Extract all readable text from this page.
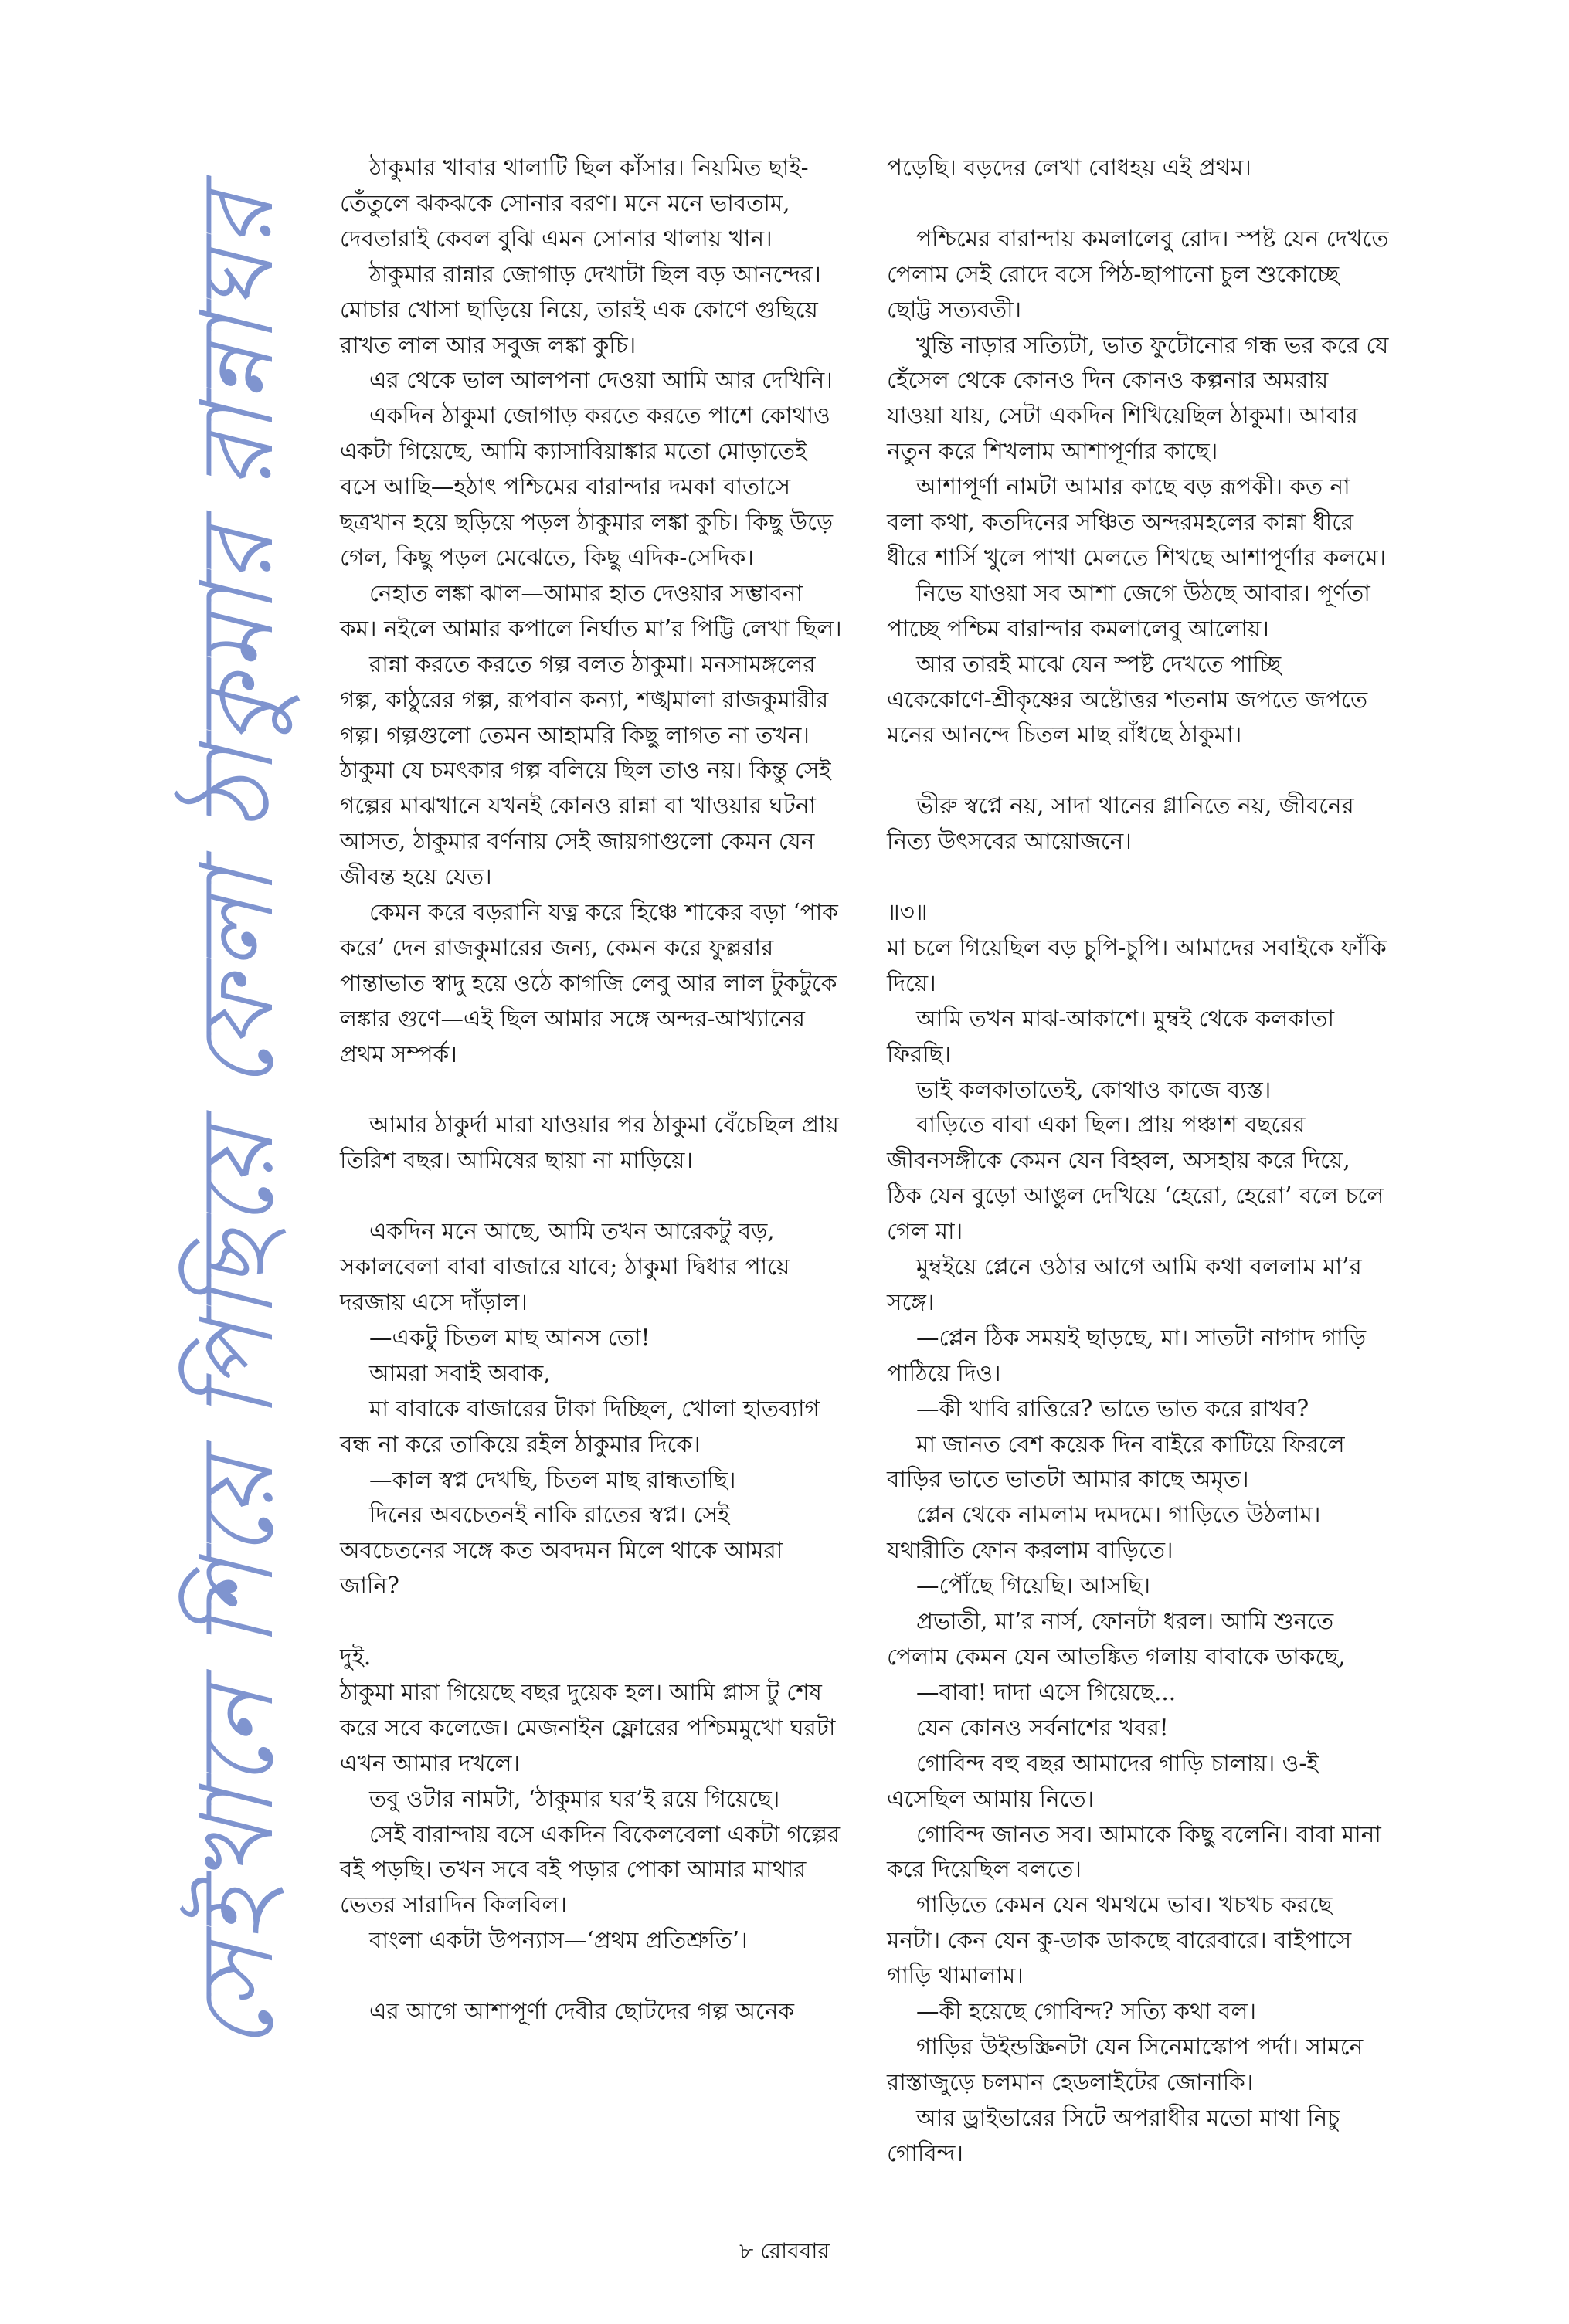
সেইখানে শিয়ে পিছিয়ে ফেলা ঠাকুমার রান্নাঘর

ঠাকুমার খাবার থালাটি ছিল কাঁসার। নিয়মিত ছাই-তেঁতুলে ঝকঝকে সোনার বরণ। মনে মনে ভাবতাম, দেবতারাই কেবল বুঝি এমন সোনার থালায় খান।

ঠাকুমার রান্নার জোগাড় দেখাটা ছিল বড় আনন্দের। মোচার খোসা ছাড়িয়ে নিয়ে, তারই এক কোণে গুছিয়ে রাখত লাল আর সবুজ লঙ্কা কুচি।

এর থেকে ভাল আলপনা দেওয়া আমি আর দেখিনি।

একদিন ঠাকুমা জোগাড় করতে করতে পাশে কোথাও একটা গিয়েছে, আমি ক্যাসাবিয়াঙ্কার মতো মোড়াতেই বসে আছি—হঠাৎ পশ্চিমের বারান্দার দমকা বাতাসে ছত্রখান হয়ে ছড়িয়ে পড়ল ঠাকুমার লঙ্কা কুচি। কিছু উড়ে গেল, কিছু পড়ল মেঝেতে, কিছু এদিক-সেদিক।

নেহাত লঙ্কা ঝাল—আমার হাত দেওয়ার সম্ভাবনা কম। নইলে আমার কপালে নির্ঘাত মা’র পিট্টি লেখা ছিল।

রান্না করতে করতে গল্প বলত ঠাকুমা। মনসামঙ্গলের গল্প, কাঠুরের গল্প, রূপবান কন্যা, শঙ্খমালা রাজকুমারীর গল্প। গল্পগুলো তেমন আহামরি কিছু লাগত না তখন। ঠাকুমা যে চমৎকার গল্প বলিয়ে ছিল তাও নয়। কিন্তু সেই গল্পের মাঝখানে যখনই কোনও রান্না বা খাওয়ার ঘটনা আসত, ঠাকুমার বর্ণনায় সেই জায়গাগুলো কেমন যেন জীবন্ত হয়ে যেত।

কেমন করে বড়রানি যত্ন করে হিঞ্চে শাকের বড়া ‘পাক করে’ দেন রাজকুমারের জন্য, কেমন করে ফুল্লরার পান্তাভাত স্বাদু হয়ে ওঠে কাগজি লেবু আর লাল টুকটুকে লঙ্কার গুণে—এই ছিল আমার সঙ্গে অন্দর-আখ্যানের প্রথম সম্পর্ক।

আমার ঠাকুর্দা মারা যাওয়ার পর ঠাকুমা বেঁচেছিল প্রায় তিরিশ বছর। আমিষের ছায়া না মাড়িয়ে।

একদিন মনে আছে, আমি তখন আরেকটু বড়, সকালবেলা বাবা বাজারে যাবে; ঠাকুমা দ্বিধার পায়ে দরজায় এসে দাঁড়াল।

—একটু চিতল মাছ আনস তো!

আমরা সবাই অবাক,

মা বাবাকে বাজারের টাকা দিচ্ছিল, খোলা হাতব্যাগ বন্ধ না করে তাকিয়ে রইল ঠাকুমার দিকে।

—কাল স্বপ্ন দেখছি, চিতল মাছ রান্ধতাছি।

দিনের অবচেতনই নাকি রাতের স্বপ্ন। সেই অবচেতনের সঙ্গে কত অবদমন মিলে থাকে আমরা জানি?

দুই.

ঠাকুমা মারা গিয়েছে বছর দুয়েক হল। আমি প্লাস টু শেষ করে সবে কলেজে। মেজনাইন ফ্লোরের পশ্চিমমুখো ঘরটা এখন আমার দখলে।

তবু ওটার নামটা, ‘ঠাকুমার ঘর’ই রয়ে গিয়েছে।

সেই বারান্দায় বসে একদিন বিকেলবেলা একটা গল্পের বই পড়ছি। তখন সবে বই পড়ার পোকা আমার মাথার ভেতর সারাদিন কিলবিল।

বাংলা একটা উপন্যাস—‘প্রথম প্রতিশ্রুতি’।

এর আগে আশাপূর্ণা দেবীর ছোটদের গল্প অনেক

পড়েছি। বড়দের লেখা বোধহয় এই প্রথম।

পশ্চিমের বারান্দায় কমলালেবু রোদ। স্পষ্ট যেন দেখতে পেলাম সেই রোদে বসে পিঠ-ছাপানো চুল শুকোচ্ছে ছোট্ট সত্যবতী।

খুন্তি নাড়ার সত্যিটা, ভাত ফুটোনোর গন্ধ ভর করে যে হেঁসেল থেকে কোনও দিন কোনও কল্পনার অমরায় যাওয়া যায়, সেটা একদিন শিখিয়েছিল ঠাকুমা। আবার নতুন করে শিখলাম আশাপূর্ণার কাছে।

আশাপূর্ণা নামটা আমার কাছে বড় রূপকী। কত না বলা কথা, কতদিনের সঞ্চিত অন্দরমহলের কান্না ধীরে ধীরে শার্সি খুলে পাখা মেলতে শিখছে আশাপূর্ণার কলমে।

নিভে যাওয়া সব আশা জেগে উঠছে আবার। পূর্ণতা পাচ্ছে পশ্চিম বারান্দার কমলালেবু আলোয়।

আর তারই মাঝে যেন স্পষ্ট দেখতে পাচ্ছি একেকোণে-শ্রীকৃষ্ণের অষ্টোত্তর শতনাম জপতে জপতে মনের আনন্দে চিতল মাছ রাঁধছে ঠাকুমা।

ভীরু স্বপ্নে নয়, সাদা থানের গ্লানিতে নয়, জীবনের নিত্য উৎসবের আয়োজনে।

॥৩॥

মা চলে গিয়েছিল বড় চুপি-চুপি। আমাদের সবাইকে ফাঁকি দিয়ে।

আমি তখন মাঝ-আকাশে। মুম্বই থেকে কলকাতা ফিরছি।

ভাই কলকাতাতেই, কোথাও কাজে ব্যস্ত।

বাড়িতে বাবা একা ছিল। প্রায় পঞ্চাশ বছরের জীবনসঙ্গীকে কেমন যেন বিহ্বল, অসহায় করে দিয়ে, ঠিক যেন বুড়ো আঙুল দেখিয়ে ‘হেরো, হেরো’ বলে চলে গেল মা।

মুম্বইয়ে প্লেনে ওঠার আগে আমি কথা বললাম মা’র সঙ্গে।

—প্লেন ঠিক সময়ই ছাড়ছে, মা। সাতটা নাগাদ গাড়ি পাঠিয়ে দিও।

—কী খাবি রাত্তিরে? ভাতে ভাত করে রাখব?

মা জানত বেশ কয়েক দিন বাইরে কাটিয়ে ফিরলে বাড়ির ভাতে ভাতটা আমার কাছে অমৃত।

প্লেন থেকে নামলাম দমদমে। গাড়িতে উঠলাম। যথারীতি ফোন করলাম বাড়িতে।

—পৌঁছে গিয়েছি। আসছি।

প্রভাতী, মা’র নার্স, ফোনটা ধরল। আমি শুনতে পেলাম কেমন যেন আতঙ্কিত গলায় বাবাকে ডাকছে,

—বাবা! দাদা এসে গিয়েছে...

যেন কোনও সর্বনাশের খবর!

গোবিন্দ বহু বছর আমাদের গাড়ি চালায়। ও-ই এসেছিল আমায় নিতে।

গোবিন্দ জানত সব। আমাকে কিছু বলেনি। বাবা মানা করে দিয়েছিল বলতে।

গাড়িতে কেমন যেন থমথমে ভাব। খচখচ করছে মনটা। কেন যেন কু-ডাক ডাকছে বারেবারে। বাইপাসে গাড়ি থামালাম।

—কী হয়েছে গোবিন্দ? সত্যি কথা বল।

গাড়ির উইন্ডস্ক্রিনটা যেন সিনেমাস্কোপ পর্দা। সামনে রাস্তাজুড়ে চলমান হেডলাইটের জোনাকি।

আর ড্রাইভারের সিটে অপরাধীর মতো মাথা নিচু গোবিন্দ।

৮ রোববার
